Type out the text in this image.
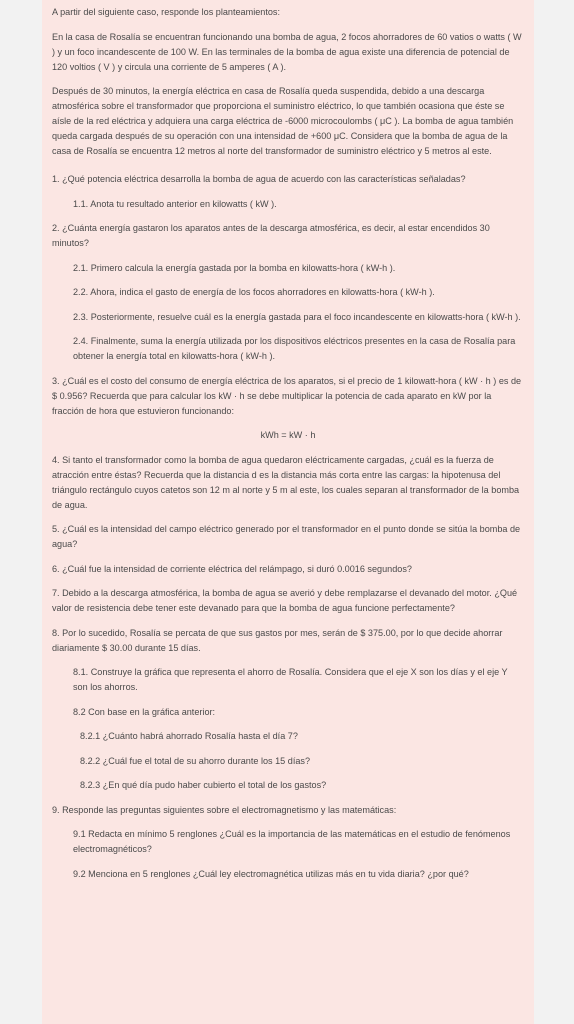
A partir del siguiente caso, responde los planteamientos:

En la casa de Rosalía se encuentran funcionando una bomba de agua, 2 focos ahorradores de 60 vatios o watts ( W ) y un foco incandescente de 100 W. En las terminales de la bomba de agua existe una diferencia de potencial de 120 voltios ( V ) y circula una corriente de 5 amperes ( A ).

Después de 30 minutos, la energía eléctrica en casa de Rosalía queda suspendida, debido a una descarga atmosférica sobre el transformador que proporciona el suministro eléctrico, lo que también ocasiona que éste se aísle de la red eléctrica y adquiera una carga eléctrica de -6000 microcoulombs ( μC ). La bomba de agua también queda cargada después de su operación con una intensidad de +600 μC. Considera que la bomba de agua de la casa de Rosalía se encuentra 12 metros al norte del transformador de suministro eléctrico y 5 metros al este.

1. ¿Qué potencia eléctrica desarrolla la bomba de agua de acuerdo con las características señaladas?

1.1. Anota tu resultado anterior en kilowatts ( kW ).

2. ¿Cuánta energía gastaron los aparatos antes de la descarga atmosférica, es decir, al estar encendidos 30 minutos?

2.1. Primero calcula la energía gastada por la bomba en kilowatts-hora ( kW-h ).

2.2. Ahora, indica el gasto de energía de los focos ahorradores en kilowatts-hora ( kW-h ).

2.3. Posteriormente, resuelve cuál es la energía gastada para el foco incandescente en kilowatts-hora ( kW-h ).

2.4. Finalmente, suma la energía utilizada por los dispositivos eléctricos presentes en la casa de Rosalía para obtener la energía total en kilowatts-hora ( kW-h ).

3. ¿Cuál es el costo del consumo de energía eléctrica de los aparatos, si el precio de 1 kilowatt-hora ( kW · h ) es de $ 0.956? Recuerda que para calcular los kW · h se debe multiplicar la potencia de cada aparato en kW por la fracción de hora que estuvieron funcionando:

kWh = kW · h

4. Si tanto el transformador como la bomba de agua quedaron eléctricamente cargadas, ¿cuál es la fuerza de atracción entre éstas? Recuerda que la distancia d es la distancia más corta entre las cargas: la hipotenusa del triángulo rectángulo cuyos catetos son 12 m al norte y 5 m al este, los cuales separan al transformador de la bomba de agua.

5. ¿Cuál es la intensidad del campo eléctrico generado por el transformador en el punto donde se sitúa la bomba de agua?

6. ¿Cuál fue la intensidad de corriente eléctrica del relámpago, si duró 0.0016 segundos?

7. Debido a la descarga atmosférica, la bomba de agua se averió y debe remplazarse el devanado del motor. ¿Qué valor de resistencia debe tener este devanado para que la bomba de agua funcione perfectamente?

8. Por lo sucedido, Rosalía se percata de que sus gastos por mes, serán de $ 375.00, por lo que decide ahorrar diariamente $ 30.00 durante 15 días.

8.1. Construye la gráfica que representa el ahorro de Rosalía. Considera que el eje X son los días y el eje Y son los ahorros.

8.2 Con base en la gráfica anterior:

8.2.1 ¿Cuánto habrá ahorrado Rosalía hasta el día 7?

8.2.2 ¿Cuál fue el total de su ahorro durante los 15 días?

8.2.3 ¿En qué día pudo haber cubierto el total de los gastos?

9. Responde las preguntas siguientes sobre el electromagnetismo y las matemáticas:

9.1 Redacta en mínimo 5 renglones ¿Cuál es la importancia de las matemáticas en el estudio de fenómenos electromagnéticos?

9.2 Menciona en 5 renglones ¿Cuál ley electromagnética utilizas más en tu vida diaria? ¿por qué?
